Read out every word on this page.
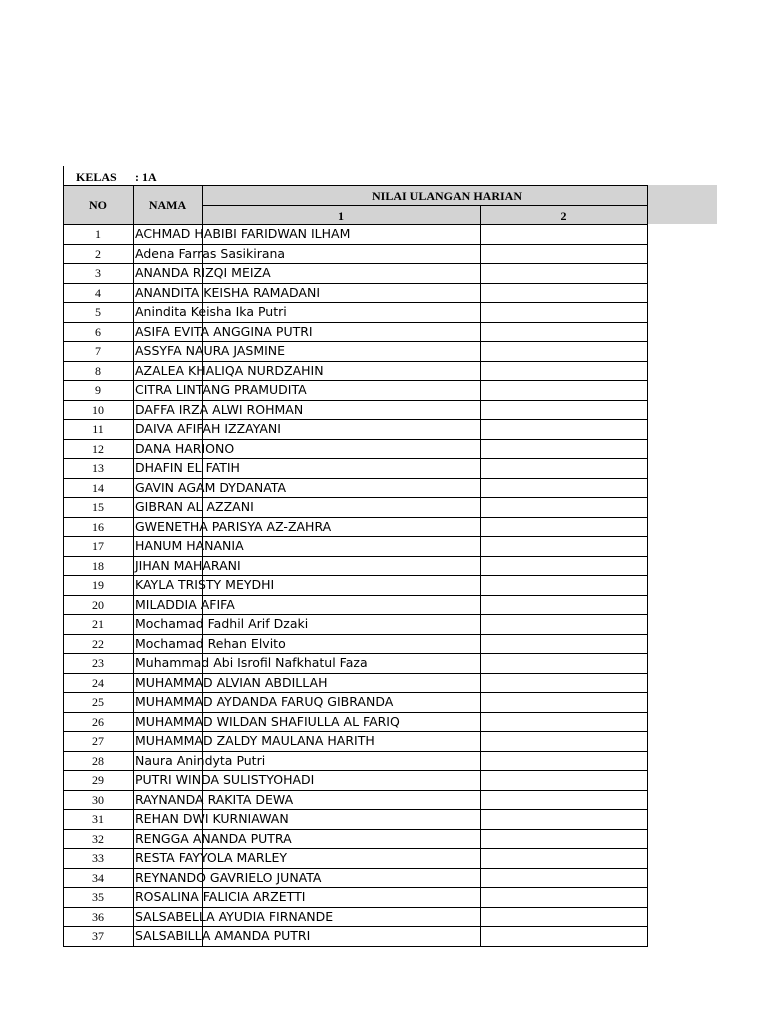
KELAS : 1A
NO	NAMA
NILAI ULANGAN HARIAN
1	2
1	ACHMAD HABIBI FARIDWAN ILHAM
2	Adena Farras Sasikirana
3	ANANDA RIZQI MEIZA
4	ANANDITA KEISHA RAMADANI
5	Anindita Keisha Ika Putri
6	ASIFA EVITA ANGGINA PUTRI
7	ASSYFA NAURA JASMINE
8	AZALEA KHALIQA NURDZAHIN
9	CITRA LINTANG PRAMUDITA
10	DAFFA IRZA ALWI ROHMAN
11	DAIVA AFIFAH IZZAYANI
12	DANA HARIONO
13	DHAFIN EL FATIH
14	GAVIN AGAM DYDANATA
15	GIBRAN AL AZZANI
16	GWENETHA PARISYA AZ-ZAHRA
17	HANUM HANANIA
18	JIHAN MAHARANI
19	KAYLA TRISTY MEYDHI
20	MILADDIA AFIFA
21	Mochamad Fadhil Arif Dzaki
22	Mochamad Rehan Elvito
23	Muhammad Abi Isrofil Nafkhatul Faza
24	MUHAMMAD ALVIAN ABDILLAH
25	MUHAMMAD AYDANDA FARUQ GIBRANDA
26	MUHAMMAD WILDAN SHAFIULLA AL FARIQ
27	MUHAMMAD ZALDY MAULANA HARITH
28	Naura Anindyta Putri
29	PUTRI WINDA SULISTYOHADI
30	RAYNANDA RAKITA DEWA
31	REHAN DWI KURNIAWAN
32	RENGGA ANANDA PUTRA
33	RESTA FAYYOLA MARLEY
34	REYNANDO GAVRIELO JUNATA
35	ROSALINA FALICIA ARZETTI
36	SALSABELLA AYUDIA FIRNANDE
37	SALSABILLA AMANDA PUTRI
